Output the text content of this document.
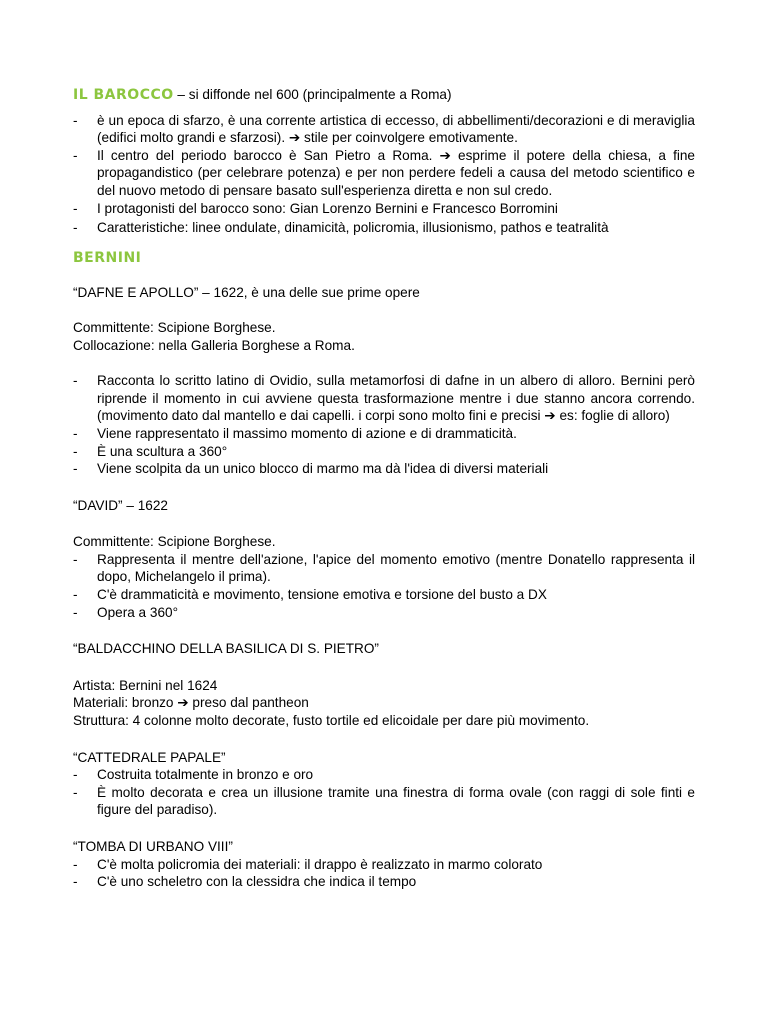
IL BAROCCO – si diffonde nel 600 (principalmente a Roma)

- è un epoca di sfarzo, è una corrente artistica di eccesso, di abbellimenti/decorazioni e di meraviglia (edifici molto grandi e sfarzosi). ➔ stile per coinvolgere emotivamente.
- Il centro del periodo barocco è San Pietro a Roma. ➔ esprime il potere della chiesa, a fine propagandistico (per celebrare potenza) e per non perdere fedeli a causa del metodo scientifico e del nuovo metodo di pensare basato sull'esperienza diretta e non sul credo.
- I protagonisti del barocco sono: Gian Lorenzo Bernini e Francesco Borromini
- Caratteristiche: linee ondulate, dinamicità, policromia, illusionismo, pathos e teatralità

BERNINI

“DAFNE E APOLLO” – 1622, è una delle sue prime opere

Committente: Scipione Borghese.

Collocazione: nella Galleria Borghese a Roma.

- Racconta lo scritto latino di Ovidio, sulla metamorfosi di dafne in un albero di alloro. Bernini però riprende il momento in cui avviene questa trasformazione mentre i due stanno ancora correndo. (movimento dato dal mantello e dai capelli. i corpi sono molto fini e precisi ➔ es: foglie di alloro)
- Viene rappresentato il massimo momento di azione e di drammaticità.
- È una scultura a 360°
- Viene scolpita da un unico blocco di marmo ma dà l'idea di diversi materiali

“DAVID” – 1622

Committente: Scipione Borghese.

- Rappresenta il mentre dell'azione, l'apice del momento emotivo (mentre Donatello rappresenta il dopo, Michelangelo il prima).
- C'è drammaticità e movimento, tensione emotiva e torsione del busto a DX
- Opera a 360°

“BALDACCHINO DELLA BASILICA DI S. PIETRO”

Artista: Bernini nel 1624

Materiali: bronzo ➔ preso dal pantheon

Struttura: 4 colonne molto decorate, fusto tortile ed elicoidale per dare più movimento.

“CATTEDRALE PAPALE”

- Costruita totalmente in bronzo e oro
- È molto decorata e crea un illusione tramite una finestra di forma ovale (con raggi di sole finti e figure del paradiso).

“TOMBA DI URBANO VIII”

- C'è molta policromia dei materiali: il drappo è realizzato in marmo colorato
- C'è uno scheletro con la clessidra che indica il tempo
